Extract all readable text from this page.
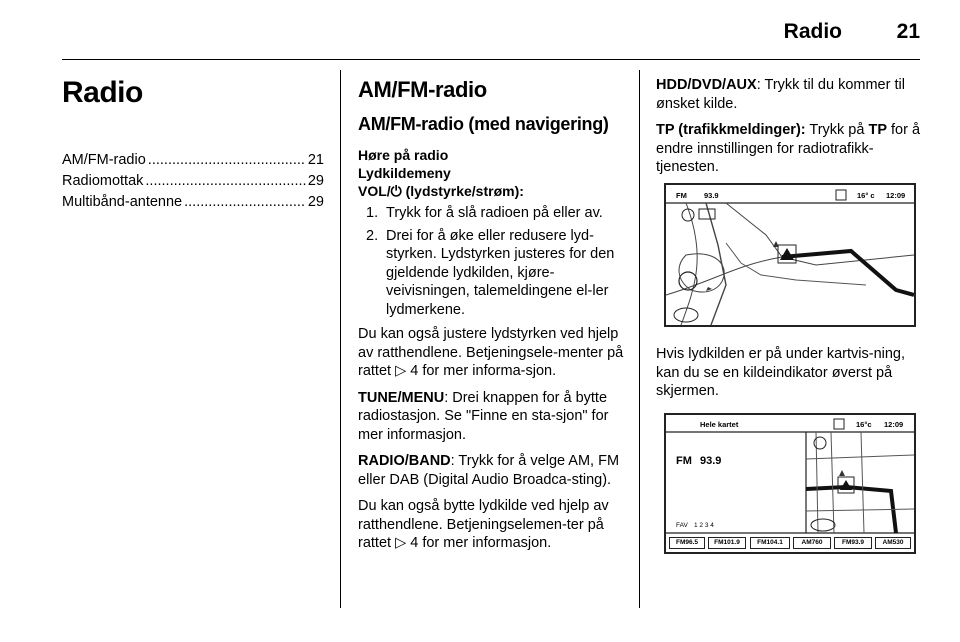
Radio	21
Radio
AM/FM-radio .....	21
Radiomottak .....	29
Multibånd-antenne .....	29
AM/FM-radio
AM/FM-radio (med navigering)
Høre på radio
Lydkildemeny
VOL/⏻ (lydstyrke/strøm):
1. Trykk for å slå radioen på eller av.
2. Drei for å øke eller redusere lyd-styrken. Lydstyrken justeres for den gjeldende lydkilden, kjøre-veivisningen, talemeldingene el-ler lydmerkene.

Du kan også justere lydstyrken ved hjelp av ratthendlene. Betjeningsele-menter på rattet ▷ 4 for mer informa-sjon.

TUNE/MENU: Drei knappen for å bytte radiostasjon. Se "Finne en sta-sjon" for mer informasjon.

RADIO/BAND: Trykk for å velge AM, FM eller DAB (Digital Audio Broadca-sting).

Du kan også bytte lydkilde ved hjelp av ratthendlene. Betjeningselemen-ter på rattet ▷ 4 for mer informasjon.

HDD/DVD/AUX: Trykk til du kommer til ønsket kilde.

TP (trafikkmeldinger): Trykk på TP for å endre innstillingen for radiotrafikk-tjenesten.

FM 93.9	16° c 12:09

Hvis lydkilden er på under kartvis-ning, kan du se en kildeindikator øverst på skjermen.

Hele kartet	16°c 12:09
FM 93.9
FAV 1 2 3 4
FM96.5	FM101.9	FM104.1	AM760	FM93.9	AM530
